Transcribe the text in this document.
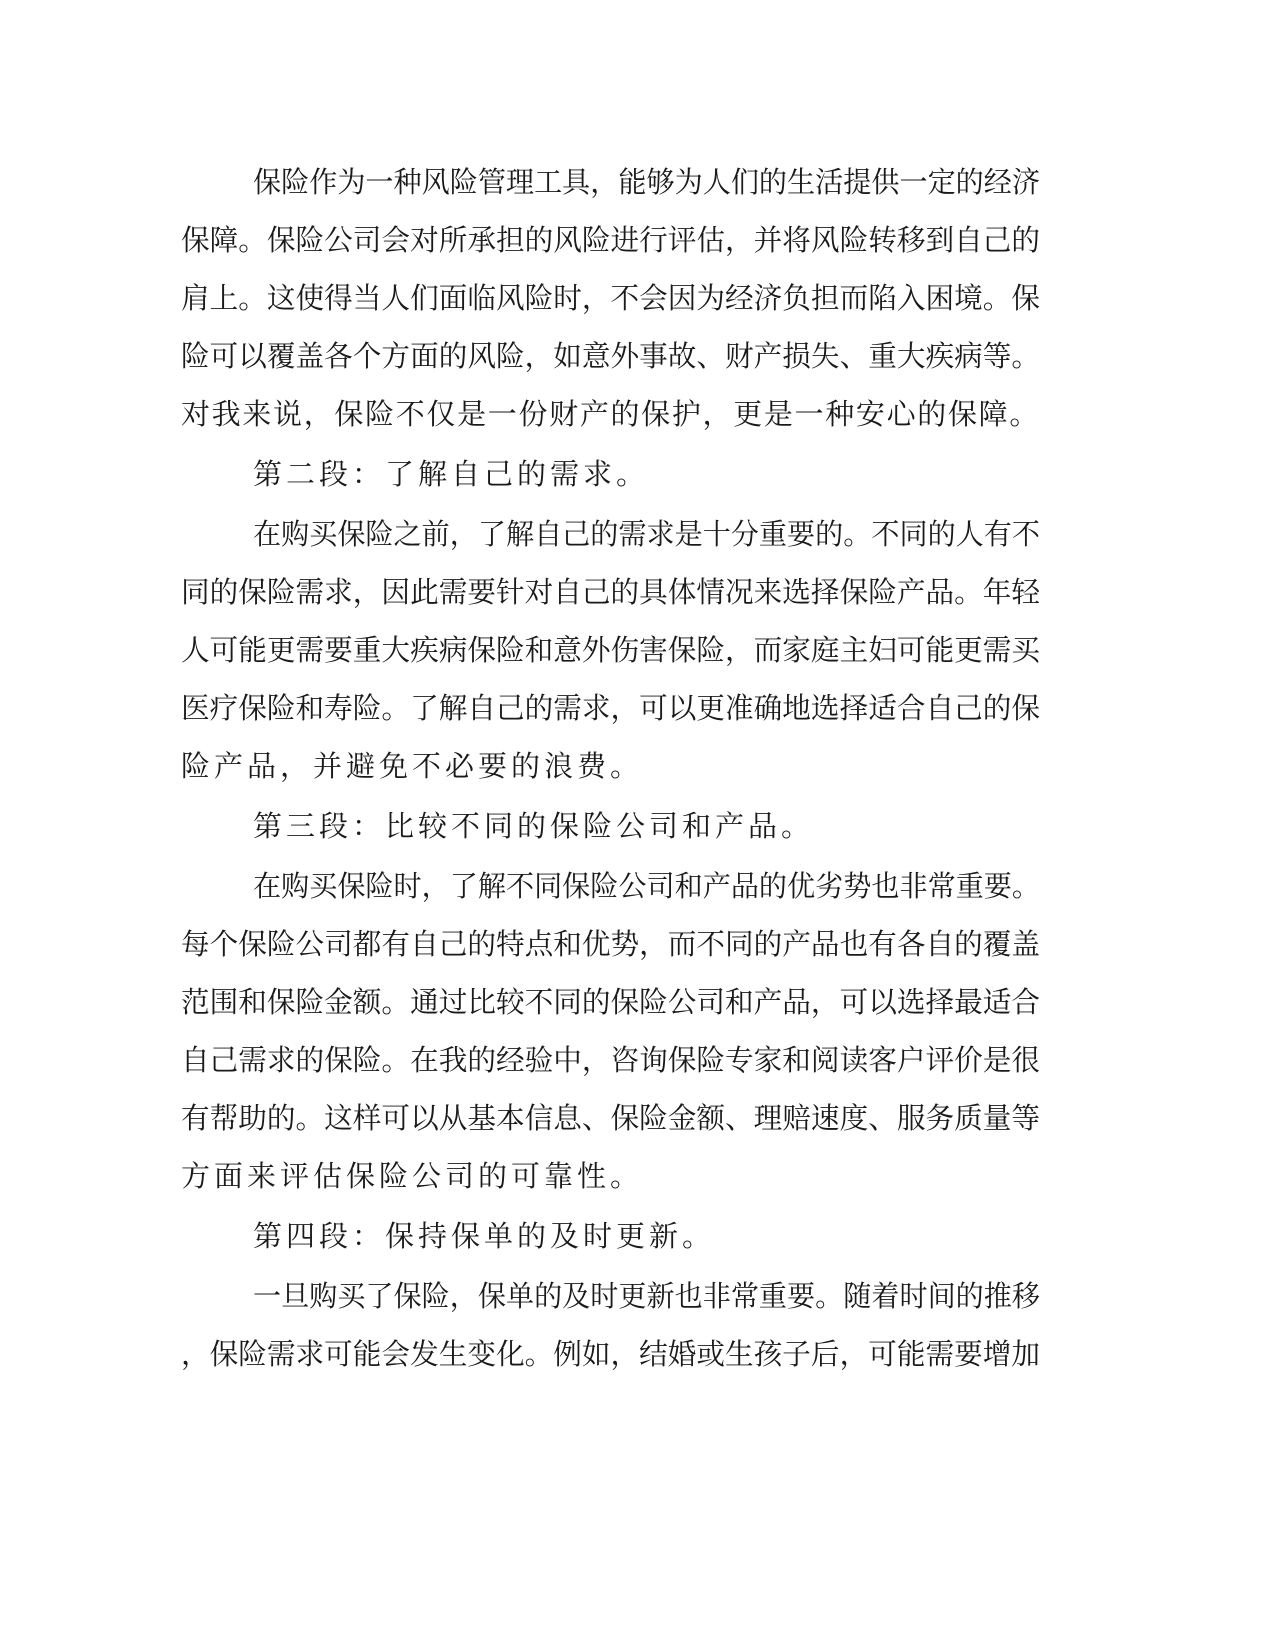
保险作为一种风险管理工具，能够为人们的生活提供一定的经济
保障。保险公司会对所承担的风险进行评估，并将风险转移到自己的
肩上。这使得当人们面临风险时，不会因为经济负担而陷入困境。保
险可以覆盖各个方面的风险，如意外事故、财产损失、重大疾病等。
对我来说，保险不仅是一份财产的保护，更是一种安心的保障。
第二段：了解自己的需求。
在购买保险之前，了解自己的需求是十分重要的。不同的人有不
同的保险需求，因此需要针对自己的具体情况来选择保险产品。年轻
人可能更需要重大疾病保险和意外伤害保险，而家庭主妇可能更需买
医疗保险和寿险。了解自己的需求，可以更准确地选择适合自己的保
险产品，并避免不必要的浪费。
第三段：比较不同的保险公司和产品。
在购买保险时，了解不同保险公司和产品的优劣势也非常重要。
每个保险公司都有自己的特点和优势，而不同的产品也有各自的覆盖
范围和保险金额。通过比较不同的保险公司和产品，可以选择最适合
自己需求的保险。在我的经验中，咨询保险专家和阅读客户评价是很
有帮助的。这样可以从基本信息、保险金额、理赔速度、服务质量等
方面来评估保险公司的可靠性。
第四段：保持保单的及时更新。
一旦购买了保险，保单的及时更新也非常重要。随着时间的推移
，保险需求可能会发生变化。例如，结婚或生孩子后，可能需要增加
